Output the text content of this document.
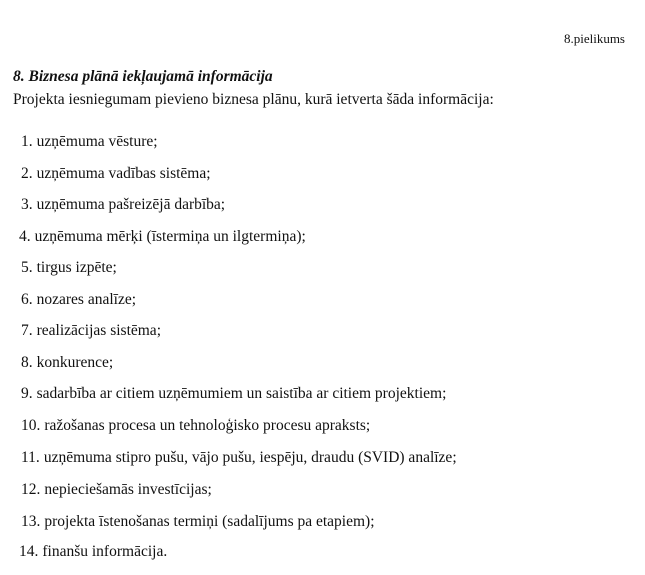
8.pielikums
8. Biznesa plānā iekļaujamā informācija
Projekta iesniegumam pievieno biznesa plānu, kurā ietverta šāda informācija:
1. uzņēmuma vēsture;
2. uzņēmuma vadības sistēma;
3. uzņēmuma pašreizējā darbība;
4. uzņēmuma mērķi (īstermiņa un ilgtermiņa);
5. tirgus izpēte;
6. nozares analīze;
7. realizācijas sistēma;
8. konkurence;
9. sadarbība ar citiem uzņēmumiem un saistība ar citiem projektiem;
10. ražošanas procesa un tehnoloģisko procesu apraksts;
11. uzņēmuma stipro pušu, vājo pušu, iespēju, draudu (SVID) analīze;
12. nepieciešamās investīcijas;
13. projekta īstenošanas termiņi (sadalījums pa etapiem);
14. finanšu informācija.
